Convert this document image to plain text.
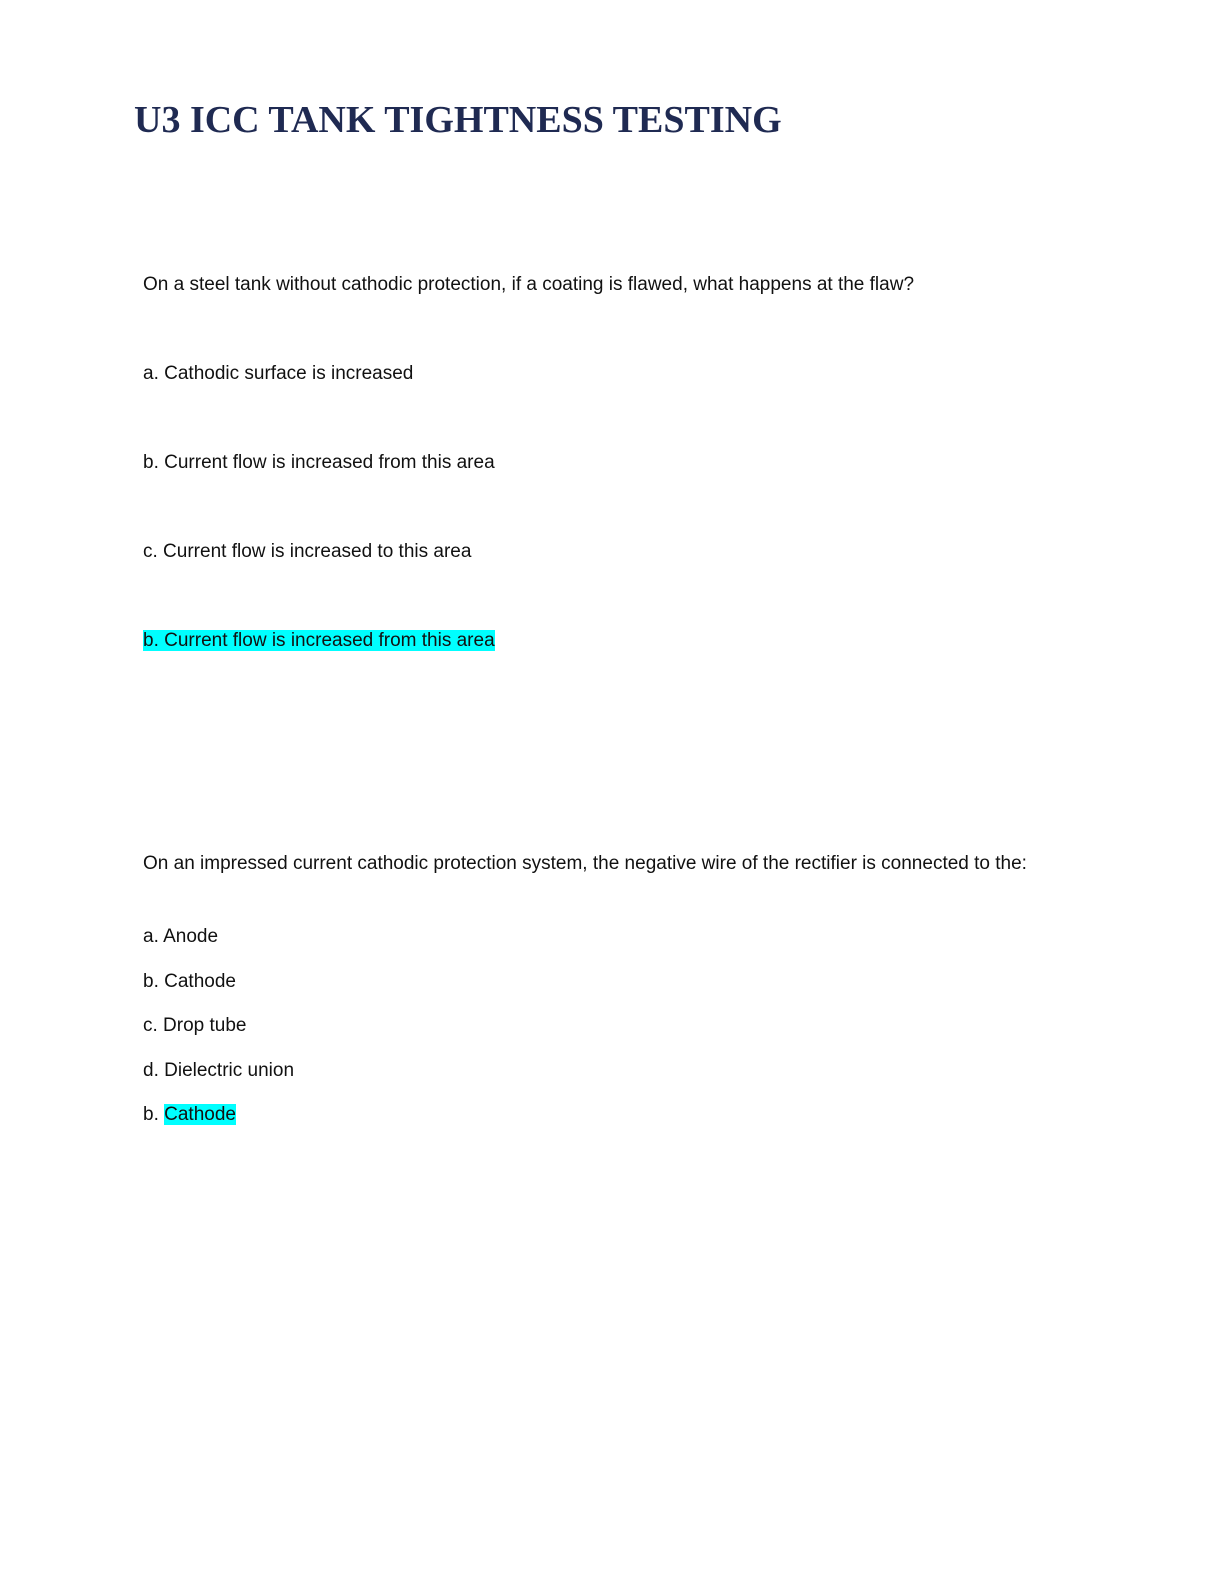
U3 ICC TANK TIGHTNESS TESTING

On a steel tank without cathodic protection, if a coating is flawed, what happens at the flaw?

a. Cathodic surface is increased

b. Current flow is increased from this area

c. Current flow is increased to this area

b. Current flow is increased from this area

On an impressed current cathodic protection system, the negative wire of the rectifier is connected to the:

a. Anode

b. Cathode

c. Drop tube

d. Dielectric union

b. Cathode
